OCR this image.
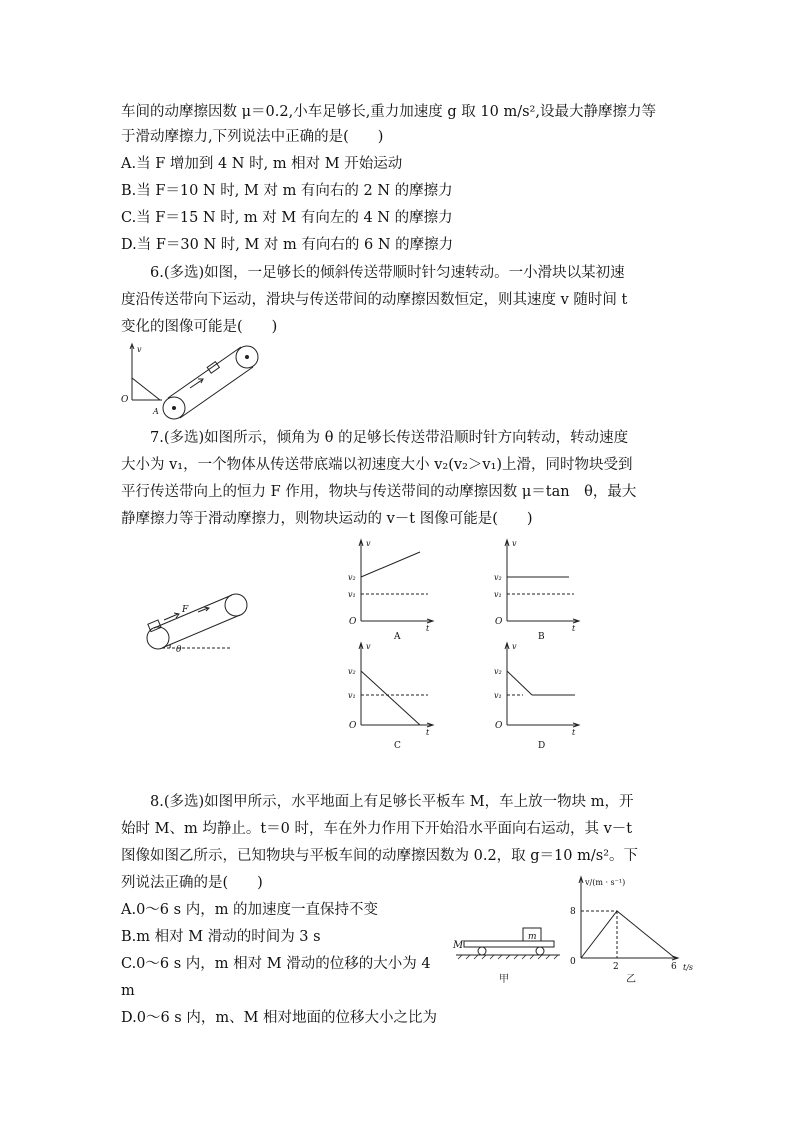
车间的动摩擦因数 μ＝0.2,小车足够长,重力加速度 g 取 10 m/s²,设最大静摩擦力等
于滑动摩擦力,下列说法中正确的是(　　)
A.当 F 增加到 4 N 时, m 相对 M 开始运动
B.当 F＝10 N 时, M 对 m 有向右的 2 N 的摩擦力
C.当 F＝15 N 时, m 对 M 有向左的 4 N 的摩擦力
D.当 F＝30 N 时, M 对 m 有向右的 6 N 的摩擦力
6.(多选)如图，一足够长的倾斜传送带顺时针匀速转动。一小滑块以某初速
度沿传送带向下运动，滑块与传送带间的动摩擦因数恒定，则其速度 v 随时间 t
变化的图像可能是(　　)
v
O
A
7.(多选)如图所示，倾角为 θ 的足够长传送带沿顺时针方向转动，转动速度
大小为 v₁，一个物体从传送带底端以初速度大小 v₂(v₂＞v₁)上滑，同时物块受到
平行传送带向上的恒力 F 作用，物块与传送带间的动摩擦因数 μ＝tan　θ，最大
静摩擦力等于滑动摩擦力，则物块运动的 v－t 图像可能是(　　)
F
θ
v
t
O
v₂
v₁
A
v
t
O
v₂
v₁
B
v
t
O
v₂
v₁
C
v
t
O
v₂
v₁
D
8.(多选)如图甲所示，水平地面上有足够长平板车 M，车上放一物块 m，开
始时 M、m 均静止。t＝0 时，车在外力作用下开始沿水平面向右运动，其 v－t
图像如图乙所示，已知物块与平板车间的动摩擦因数为 0.2，取 g＝10 m/s²。下
列说法正确的是(　　)
A.0～6 s 内，m 的加速度一直保持不变
B.m 相对 M 滑动的时间为 3 s
C.0～6 s 内，m 相对 M 滑动的位移的大小为 4
m
D.0～6 s 内，m、M 相对地面的位移大小之比为
m
M
甲
v/(m · s⁻¹)
t/s
8
0	2	6
乙
